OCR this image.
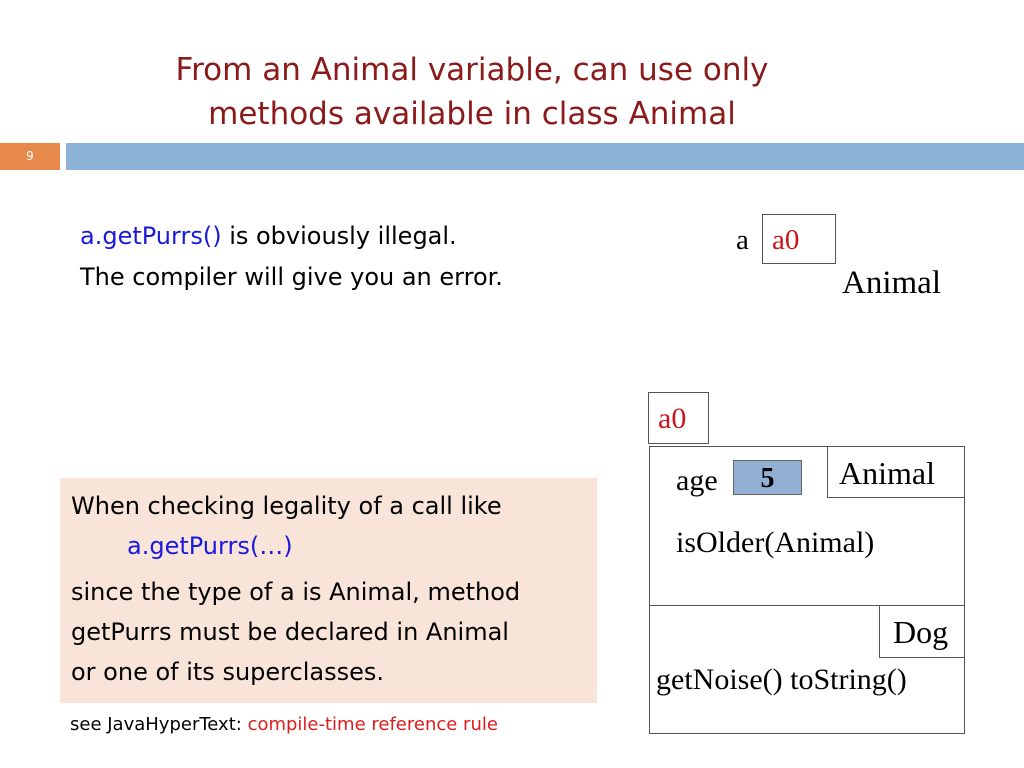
From an Animal variable, can use only
methods available in class Animal
9
a.getPurrs() is obviously illegal.
The compiler will give you an error.
a a0
Animal
a0
Animal
Dog
age	5
isOlder(Animal)
getNoise() toString()
When checking legality of a call like
a.getPurrs(…)
since the type of a is Animal, method
getPurrs must be declared in Animal
or one of its superclasses.
see JavaHyperText: compile-time reference rule
